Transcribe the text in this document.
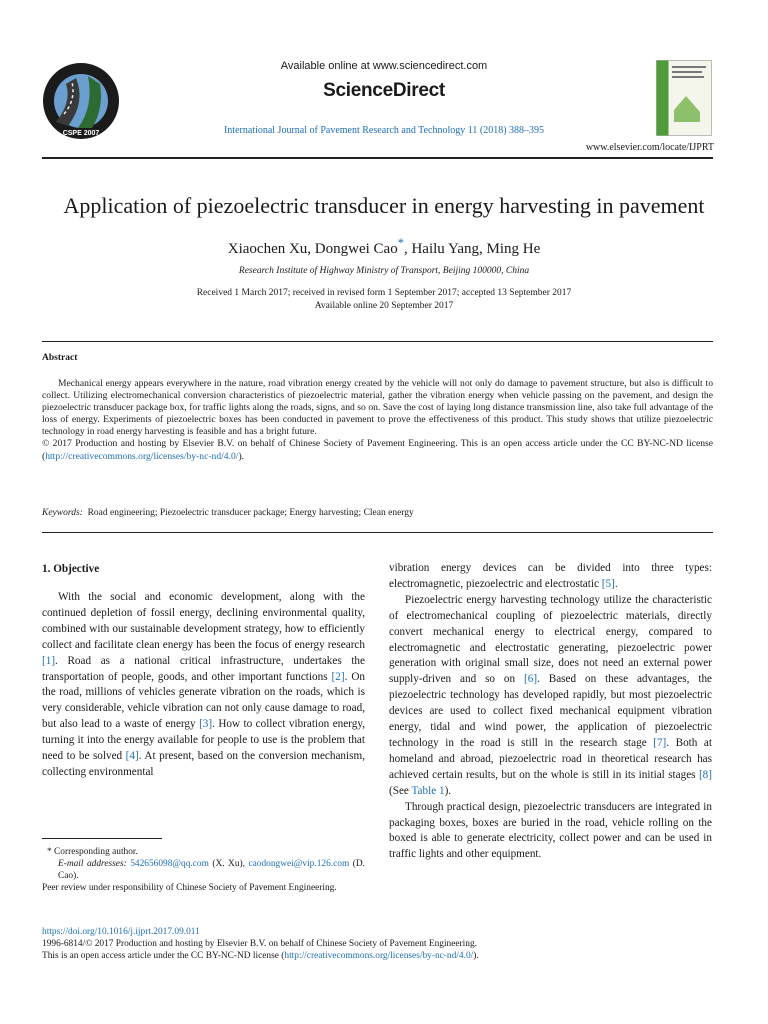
CSPE 2007
Available online at www.sciencedirect.com
ScienceDirect
International Journal of Pavement Research and Technology 11 (2018) 388–395
www.elsevier.com/locate/IJPRT
Application of piezoelectric transducer in energy harvesting in pavement
Xiaochen Xu, Dongwei Cao*, Hailu Yang, Ming He
Research Institute of Highway Ministry of Transport, Beijing 100000, China
Received 1 March 2017; received in revised form 1 September 2017; accepted 13 September 2017
Available online 20 September 2017
Abstract

Mechanical energy appears everywhere in the nature, road vibration energy created by the vehicle will not only do damage to pavement structure, but also is difficult to collect. Utilizing electromechanical conversion characteristics of piezoelectric material, gather the vibration energy when vehicle passing on the pavement, and design the piezoelectric transducer package box, for traffic lights along the roads, signs, and so on. Save the cost of laying long distance transmission line, also take full advantage of the loss of energy. Experiments of piezoelectric boxes has been conducted in pavement to prove the effectiveness of this product. This study shows that utilize piezoelectric technology in road energy harvesting is feasible and has a bright future.

© 2017 Production and hosting by Elsevier B.V. on behalf of Chinese Society of Pavement Engineering. This is an open access article under the CC BY-NC-ND license (http://creativecommons.org/licenses/by-nc-nd/4.0/).

Keywords: Road engineering; Piezoelectric transducer package; Energy harvesting; Clean energy
1. Objective

With the social and economic development, along with the continued depletion of fossil energy, declining environmental quality, combined with our sustainable development strategy, how to efficiently collect and facilitate clean energy has been the focus of energy research [1]. Road as a national critical infrastructure, undertakes the transportation of people, goods, and other important functions [2]. On the road, millions of vehicles generate vibration on the roads, which is very considerable, vehicle vibration can not only cause damage to road, but also lead to a waste of energy [3]. How to collect vibration energy, turning it into the energy available for people to use is the problem that need to be solved [4]. At present, based on the conversion mechanism, collecting environmental

vibration energy devices can be divided into three types: electromagnetic, piezoelectric and electrostatic [5].

Piezoelectric energy harvesting technology utilize the characteristic of electromechanical coupling of piezoelectric materials, directly convert mechanical energy to electrical energy, compared to electromagnetic and electrostatic generating, piezoelectric power generation with original small size, does not need an external power supply-driven and so on [6]. Based on these advantages, the piezoelectric technology has developed rapidly, but most piezoelectric devices are used to collect fixed mechanical equipment vibration energy, tidal and wind power, the application of piezoelectric technology in the road is still in the research stage [7]. Both at homeland and abroad, piezoelectric road in theoretical research has achieved certain results, but on the whole is still in its initial stages [8] (See Table 1).

Through practical design, piezoelectric transducers are integrated in packaging boxes, boxes are buried in the road, vehicle rolling on the boxed is able to generate electricity, collect power and can be used in traffic lights and other equipment.

* Corresponding author.

E-mail addresses: 542656098@qq.com (X. Xu), caodongwei@vip.126.com (D. Cao).

Peer review under responsibility of Chinese Society of Pavement Engineering.

https://doi.org/10.1016/j.ijprt.2017.09.011

1996-6814/© 2017 Production and hosting by Elsevier B.V. on behalf of Chinese Society of Pavement Engineering.

This is an open access article under the CC BY-NC-ND license (http://creativecommons.org/licenses/by-nc-nd/4.0/).
